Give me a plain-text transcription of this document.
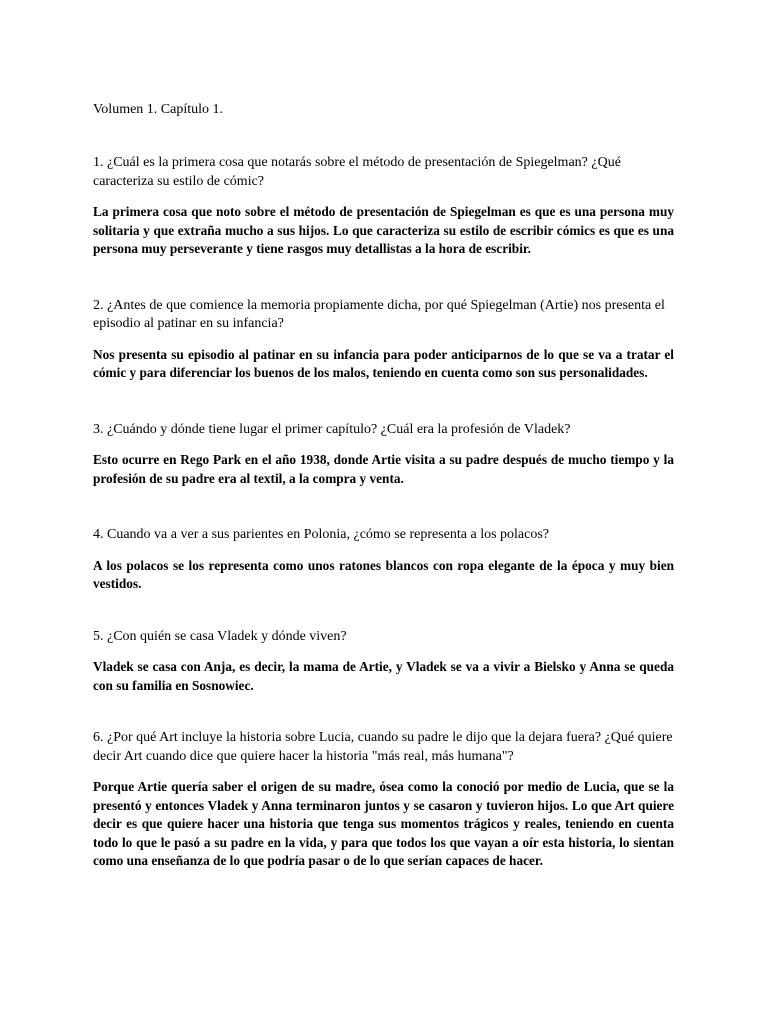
Volumen 1. Capítulo 1.

1. ¿Cuál es la primera cosa que notarás sobre el método de presentación de Spiegelman? ¿Qué caracteriza su estilo de cómic?

La primera cosa que noto sobre el método de presentación de Spiegelman es que es una persona muy solitaria y que extraña mucho a sus hijos. Lo que caracteriza su estilo de escribir cómics es que es una persona muy perseverante y tiene rasgos muy detallistas a la hora de escribir.

2. ¿Antes de que comience la memoria propiamente dicha, por qué Spiegelman (Artie) nos presenta el episodio al patinar en su infancia?

Nos presenta su episodio al patinar en su infancia para poder anticiparnos de lo que se va a tratar el cómic y para diferenciar los buenos de los malos, teniendo en cuenta como son sus personalidades.

3. ¿Cuándo y dónde tiene lugar el primer capítulo? ¿Cuál era la profesión de Vladek?

Esto ocurre en Rego Park en el año 1938, donde Artie visita a su padre después de mucho tiempo y la profesión de su padre era al textil, a la compra y venta.

4. Cuando va a ver a sus parientes en Polonia, ¿cómo se representa a los polacos?

A los polacos se los representa como unos ratones blancos con ropa elegante de la época y muy bien vestidos.

5. ¿Con quién se casa Vladek y dónde viven?

Vladek se casa con Anja, es decir, la mama de Artie, y Vladek se va a vivir a Bielsko y Anna se queda con su familia en Sosnowiec.

6. ¿Por qué Art incluye la historia sobre Lucia, cuando su padre le dijo que la dejara fuera? ¿Qué quiere decir Art cuando dice que quiere hacer la historia "más real, más humana"?

Porque Artie quería saber el origen de su madre, ósea como la conoció por medio de Lucia, que se la presentó y entonces Vladek y Anna terminaron juntos y se casaron y tuvieron hijos. Lo que Art quiere decir es que quiere hacer una historia que tenga sus momentos trágicos y reales, teniendo en cuenta todo lo que le pasó a su padre en la vida, y para que todos los que vayan a oír esta historia, lo sientan como una enseñanza de lo que podría pasar o de lo que serían capaces de hacer.
